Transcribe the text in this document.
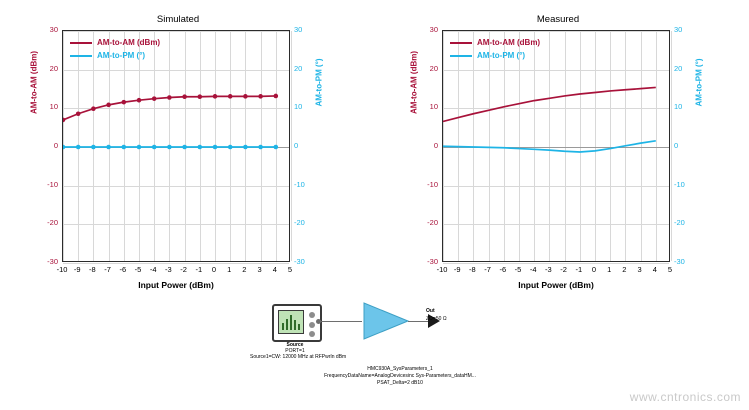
Simulated
AM-to-AM (dBm)	AM-to-PM (°)
AM-to-AM (dBm)
AM-to-PM (°)
Input Power (dBm)
-10 -9	-8	-7	-6	-5	-4	-3	-2	-1	0	1	2	3	4	5
30	30
20	20
10	10
0	0
-10	-10
-20	-20
-30	-30
Measured
AM-to-AM (dBm)	AM-to-PM (°)
AM-to-AM (dBm)
AM-to-PM (°)
Input Power (dBm)
-10 -9	-8	-7	-6	-5	-4	-3	-2	-1	0	1	2	3	4	5
30	30
20	20
10	10
0	0
-10	-10
-20	-20
-30	-30
Source
PORT=1
Source1=CW: 12000 MHz at RFPwrIn dBm
Out
ZO=50 Ω
HMC930A_SysParameters_1
FrequencyDataName=AnalogDevicesinc Sys-Parameters_dataHM...
PSAT_Delta=2 dB10
www.cntronics.com
